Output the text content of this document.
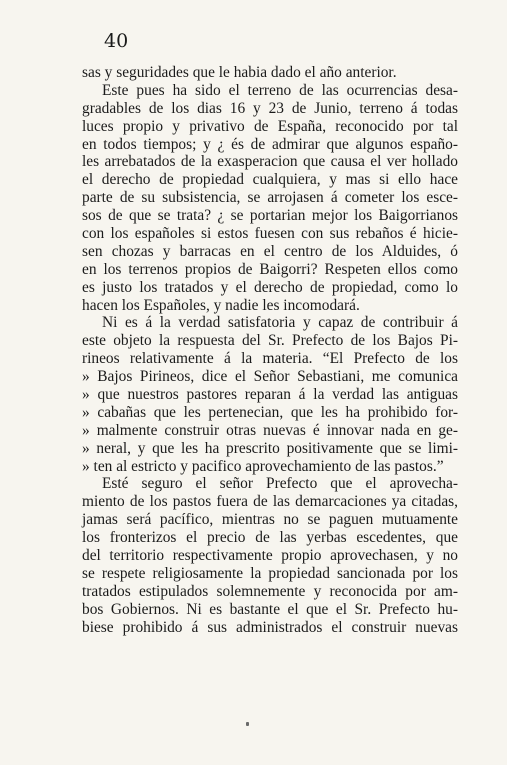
40
sas y seguridades que le habia dado el año anterior.
Este pues ha sido el terreno de las ocurrencias desa-
gradables de los dias 16 y 23 de Junio, terreno á todas
luces propio y privativo de España, reconocido por tal
en todos tiempos; y ¿ és de admirar que algunos españo-
les arrebatados de la exasperacion que causa el ver hollado
el derecho de propiedad cualquiera, y mas si ello hace
parte de su subsistencia, se arrojasen á cometer los esce-
sos de que se trata? ¿ se portarian mejor los Baigorrianos
con los españoles si estos fuesen con sus rebaños é hicie-
sen chozas y barracas en el centro de los Alduides, ó
en los terrenos propios de Baigorri? Respeten ellos como
es justo los tratados y el derecho de propiedad, como lo
hacen los Españoles, y nadie les incomodará.
Ni es á la verdad satisfatoria y capaz de contribuir á
este objeto la respuesta del Sr. Prefecto de los Bajos Pi-
rineos relativamente á la materia. “El Prefecto de los
» Bajos Pirineos, dice el Señor Sebastiani, me comunica
» que nuestros pastores reparan á la verdad las antiguas
» cabañas que les pertenecian, que les ha prohibido for-
» malmente construir otras nuevas é innovar nada en ge-
» neral, y que les ha prescrito positivamente que se limi-
» ten al estricto y pacifico aprovechamiento de las pastos.”
Esté seguro el señor Prefecto que el aprovecha-
miento de los pastos fuera de las demarcaciones ya citadas,
jamas será pacífico, mientras no se paguen mutuamente
los fronterizos el precio de las yerbas escedentes, que
del territorio respectivamente propio aprovechasen, y no
se respete religiosamente la propiedad sancionada por los
tratados estipulados solemnemente y reconocida por am-
bos Gobiernos. Ni es bastante el que el Sr. Prefecto hu-
biese prohibido á sus administrados el construir nuevas
